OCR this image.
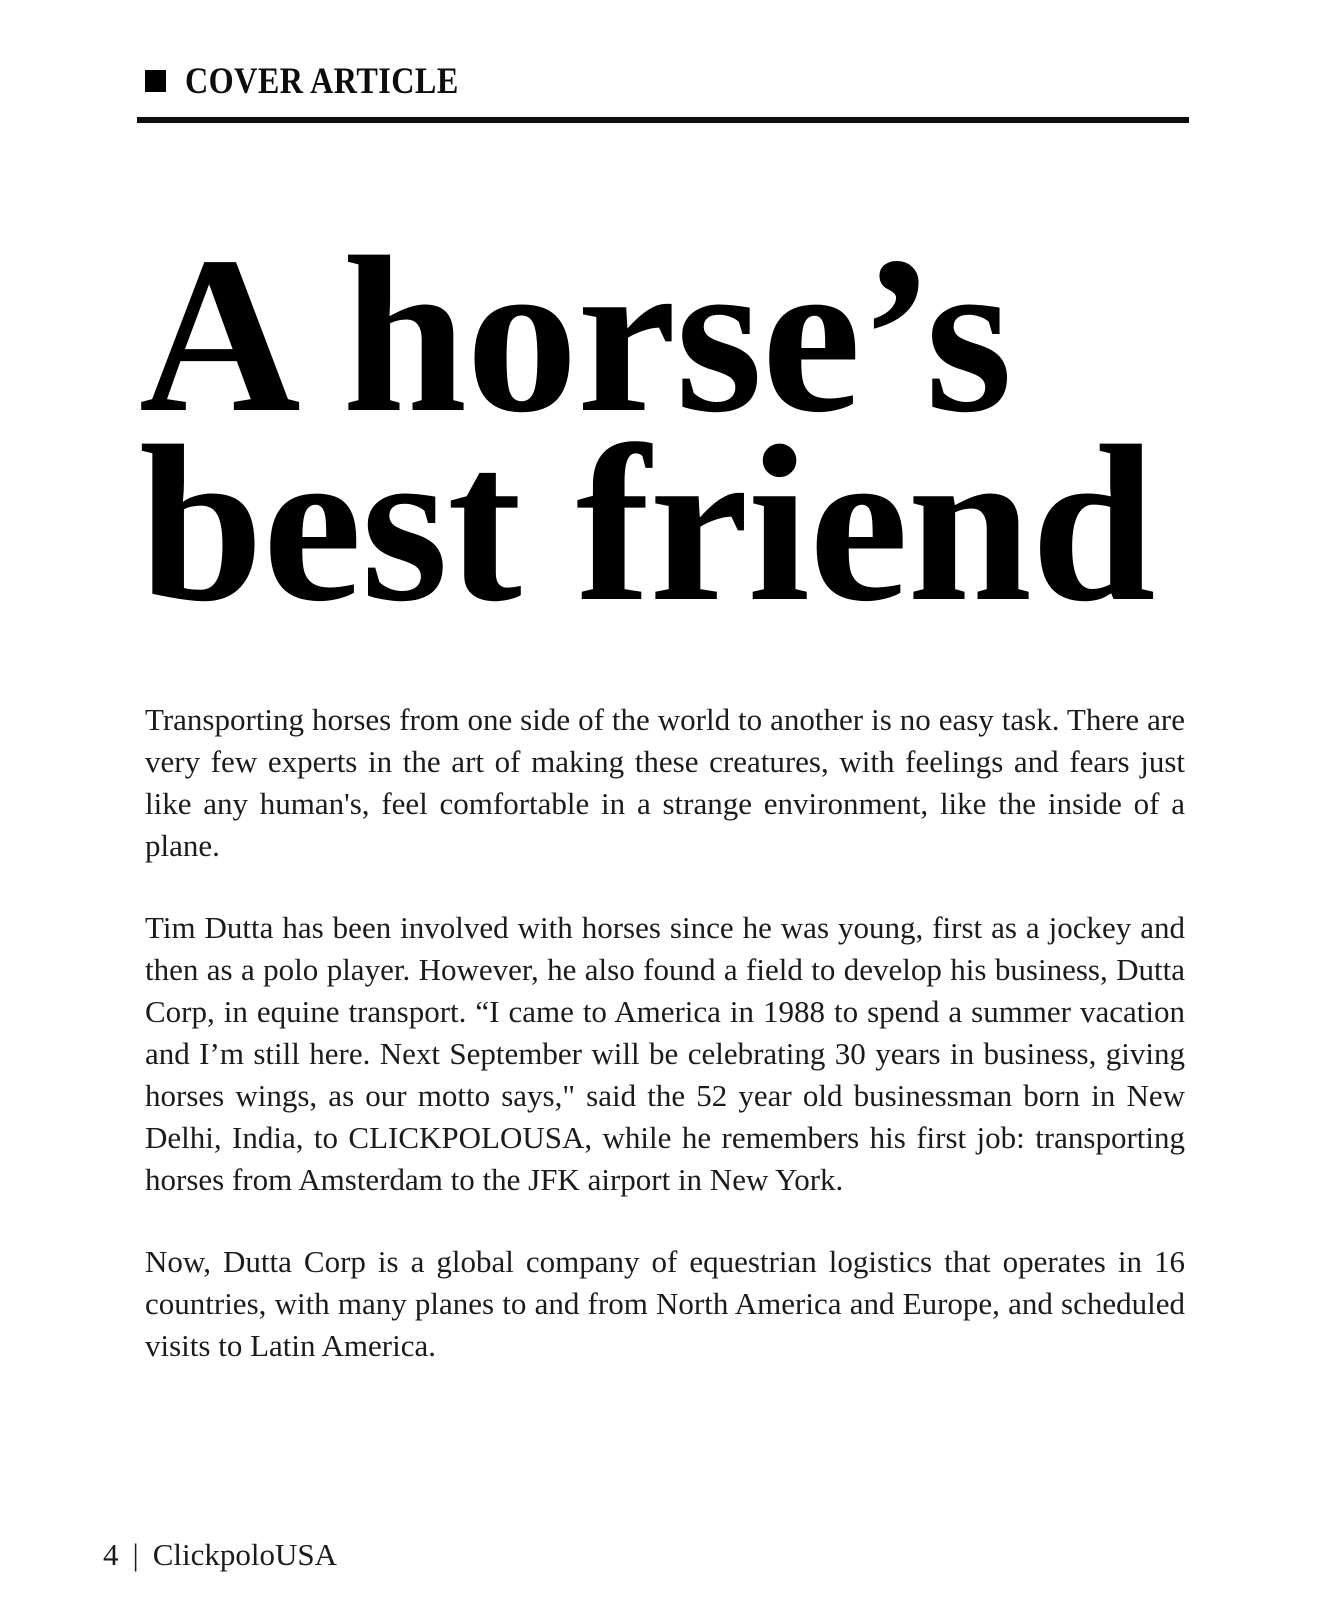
COVER ARTICLE
A horse’s
best friend

Transporting horses from one side of the world to another is no easy task. There are very few experts in the art of making these creatures, with feelings and fears just like any human's, feel comfortable in a strange environment, like the inside of a plane.

Tim Dutta has been involved with horses since he was young, first as a jockey and then as a polo player. However, he also found a field to develop his business, Dutta Corp, in equine transport. “I came to America in 1988 to spend a summer vacation and I’m still here. Next September will be celebrating 30 years in business, giving horses wings, as our motto says," said the 52 year old businessman born in New Delhi, India, to CLICKPOLOUSA, while he remembers his first job: transporting horses from Amsterdam to the JFK airport in New York.

Now, Dutta Corp is a global company of equestrian logistics that operates in 16 countries, with many planes to and from North America and Europe, and scheduled visits to Latin America.

4 | ClickpoloUSA
